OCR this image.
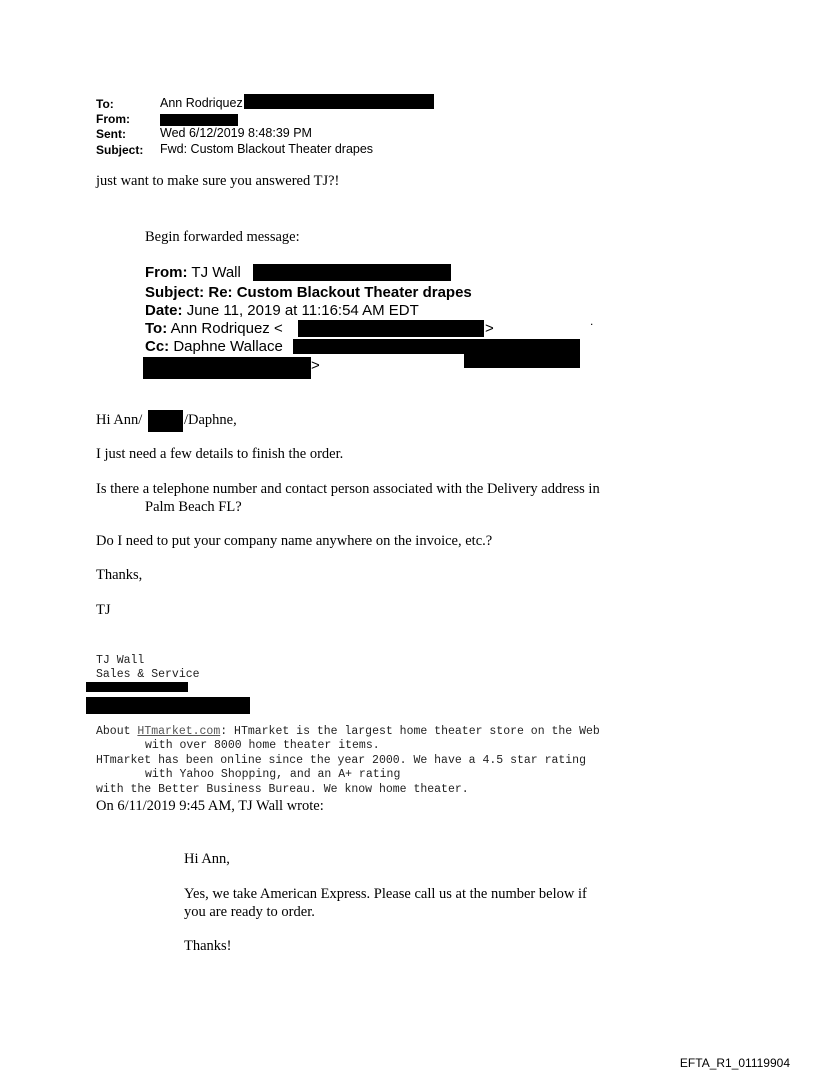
To:	Ann Rodriquez
From:
Sent:	Wed 6/12/2019 8:48:39 PM
Subject: Fwd: Custom Blackout Theater drapes
just want to make sure you answered TJ?!
Begin forwarded message:
From: TJ Wall
Subject: Re: Custom Blackout Theater drapes
Date: June 11, 2019 at 11:16:54 AM EDT
To: Ann Rodriquez <	>	.
Cc: Daphne Wallace
>
Hi Ann/	/Daphne,
I just need a few details to finish the order.
Is there a telephone number and contact person associated with the Delivery address in
Palm Beach FL?
Do I need to put your company name anywhere on the invoice, etc.?
Thanks,
TJ
TJ Wall
Sales & Service
About HTmarket.com: HTmarket is the largest home theater store on the Web
with over 8000 home theater items.
HTmarket has been online since the year 2000. We have a 4.5 star rating
with Yahoo Shopping, and an A+ rating
with the Better Business Bureau. We know home theater.
On 6/11/2019 9:45 AM, TJ Wall wrote:
Hi Ann,
Yes, we take American Express. Please call us at the number below if
you are ready to order.
Thanks!
EFTA_R1_01119904
